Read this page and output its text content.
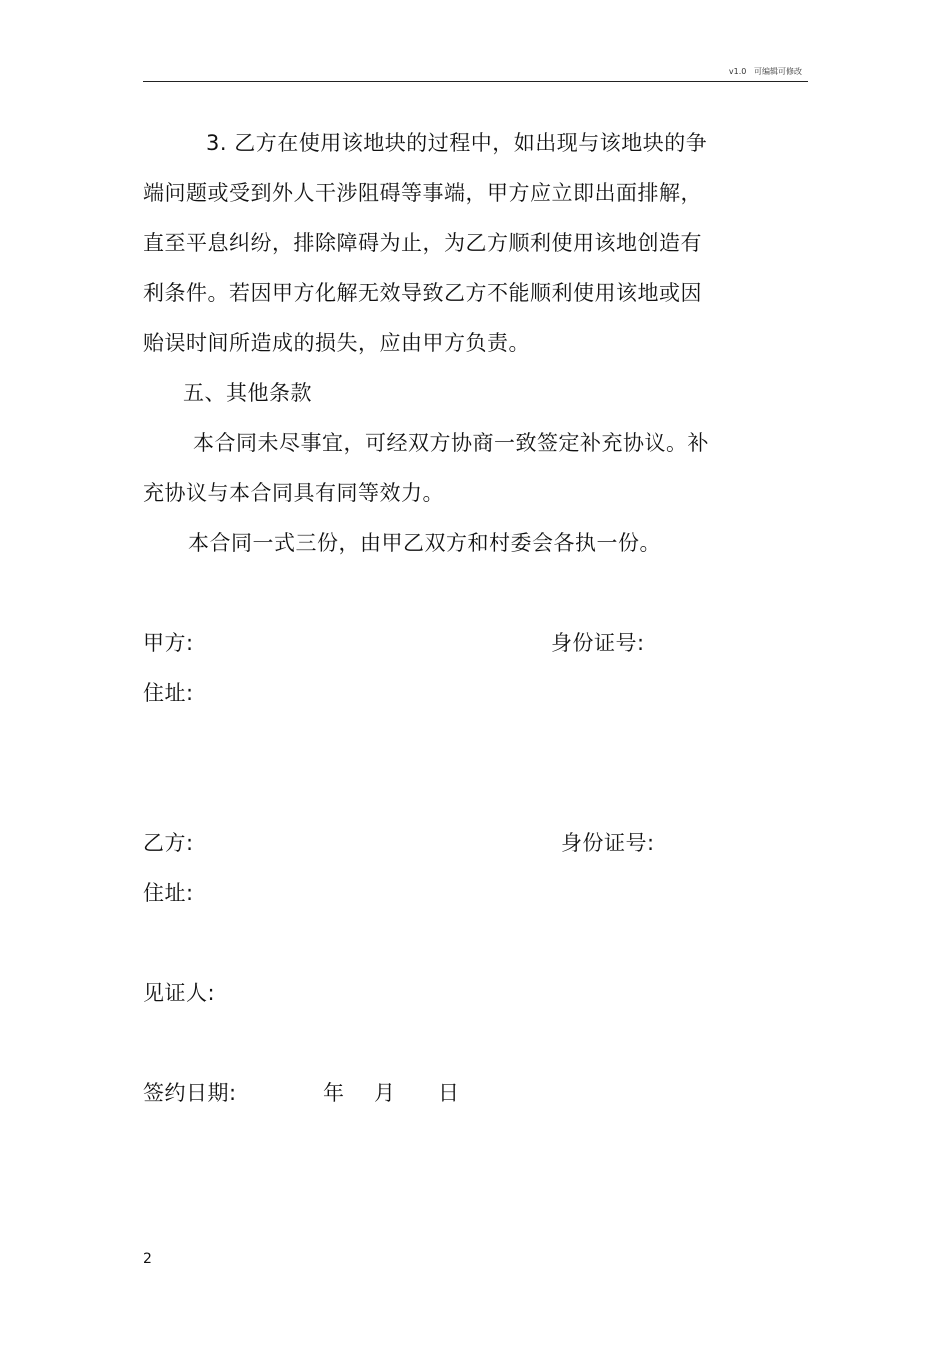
v1.0 可编辑可修改
3. 乙方在使用该地块的过程中，如出现与该地块的争
端问题或受到外人干涉阻碍等事端，甲方应立即出面排解，
直至平息纠纷，排除障碍为止，为乙方顺利使用该地创造有
利条件。若因甲方化解无效导致乙方不能顺利使用该地或因
贻误时间所造成的损失，应由甲方负责。
五、其他条款
本合同未尽事宜，可经双方协商一致签定补充协议。补
充协议与本合同具有同等效力。
本合同一式三份，由甲乙双方和村委会各执一份。
甲方:	身份证号:
住址:
乙方:	身份证号:
住址:
见证人:
签约日期:	年 月 日
2
